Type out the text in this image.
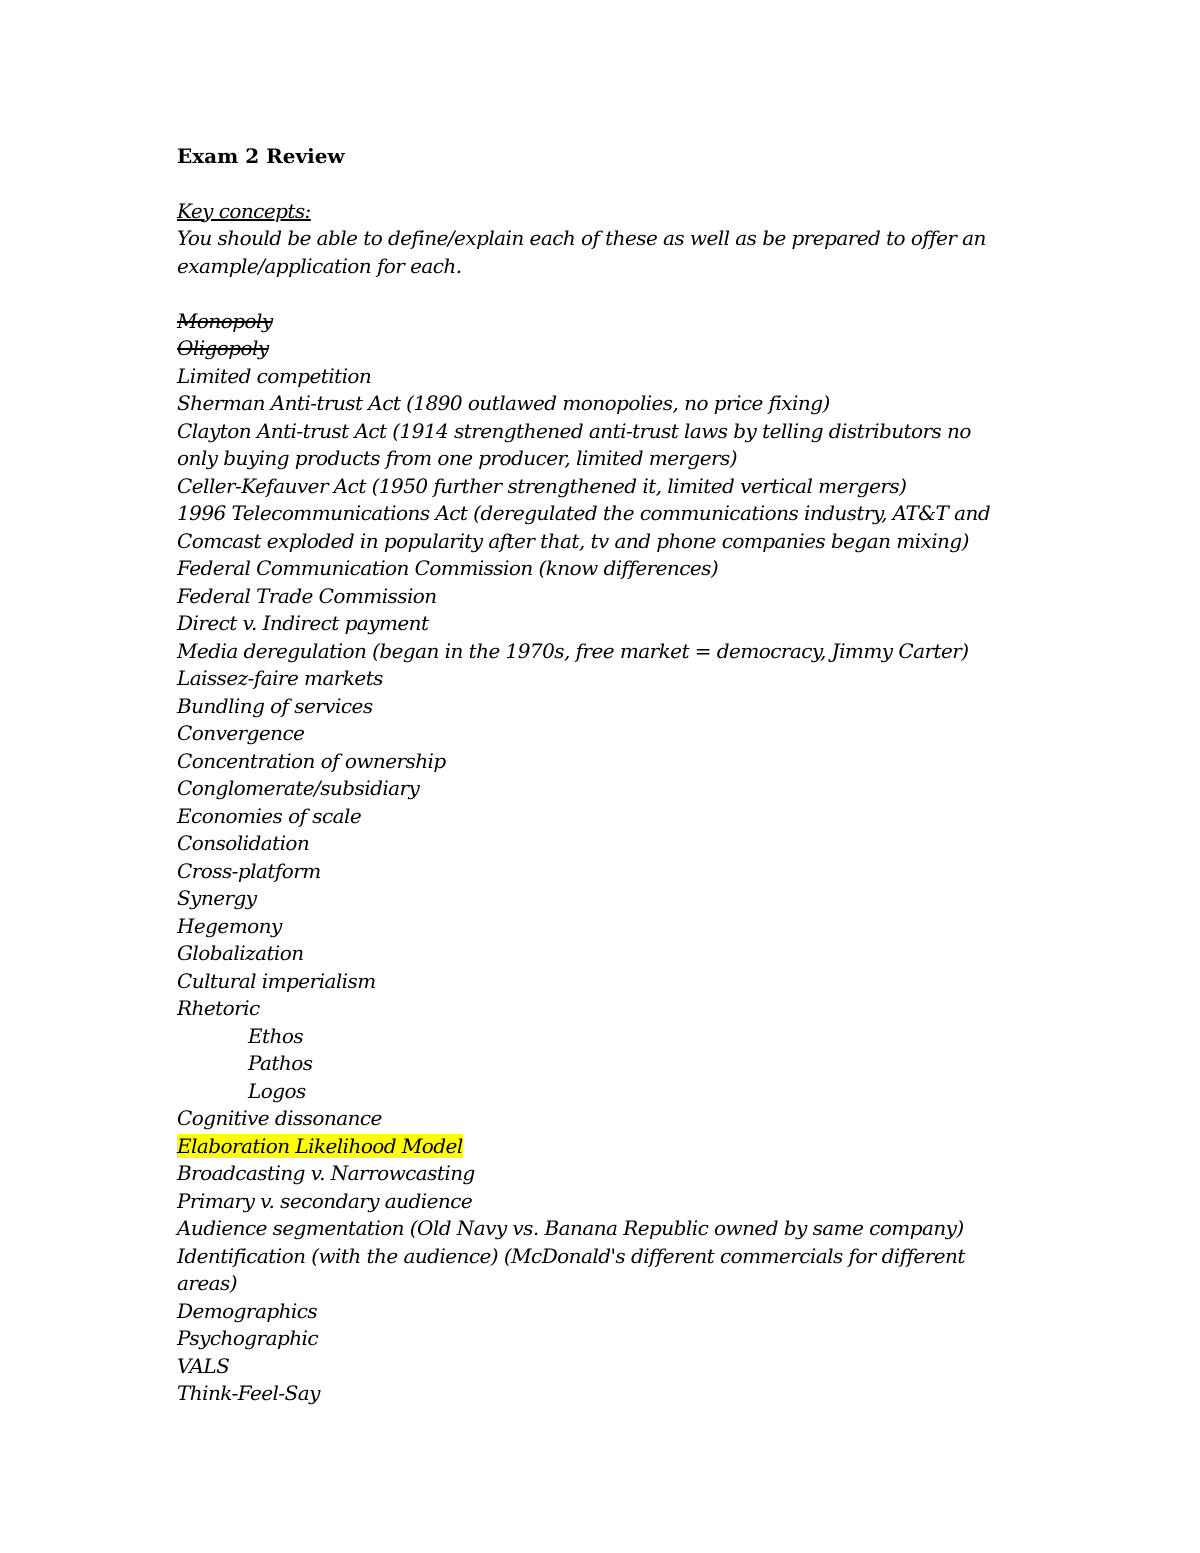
Exam 2 Review
Key concepts:
You should be able to define/explain each of these as well as be prepared to offer an
example/application for each.
Monopoly
Oligopoly
Limited competition
Sherman Anti-trust Act (1890 outlawed monopolies, no price fixing)
Clayton Anti-trust Act (1914 strengthened anti-trust laws by telling distributors no
only buying products from one producer, limited mergers)
Celler-Kefauver Act (1950 further strengthened it, limited vertical mergers)
1996 Telecommunications Act (deregulated the communications industry, AT&T and
Comcast exploded in popularity after that, tv and phone companies began mixing)
Federal Communication Commission (know differences)
Federal Trade Commission
Direct v. Indirect payment
Media deregulation (began in the 1970s, free market = democracy, Jimmy Carter)
Laissez-faire markets
Bundling of services
Convergence
Concentration of ownership
Conglomerate/subsidiary
Economies of scale
Consolidation
Cross-platform
Synergy
Hegemony
Globalization
Cultural imperialism
Rhetoric
Ethos
Pathos
Logos
Cognitive dissonance
Elaboration Likelihood Model
Broadcasting v. Narrowcasting
Primary v. secondary audience
Audience segmentation (Old Navy vs. Banana Republic owned by same company)
Identification (with the audience) (McDonald's different commercials for different
areas)
Demographics
Psychographic
VALS
Think-Feel-Say
